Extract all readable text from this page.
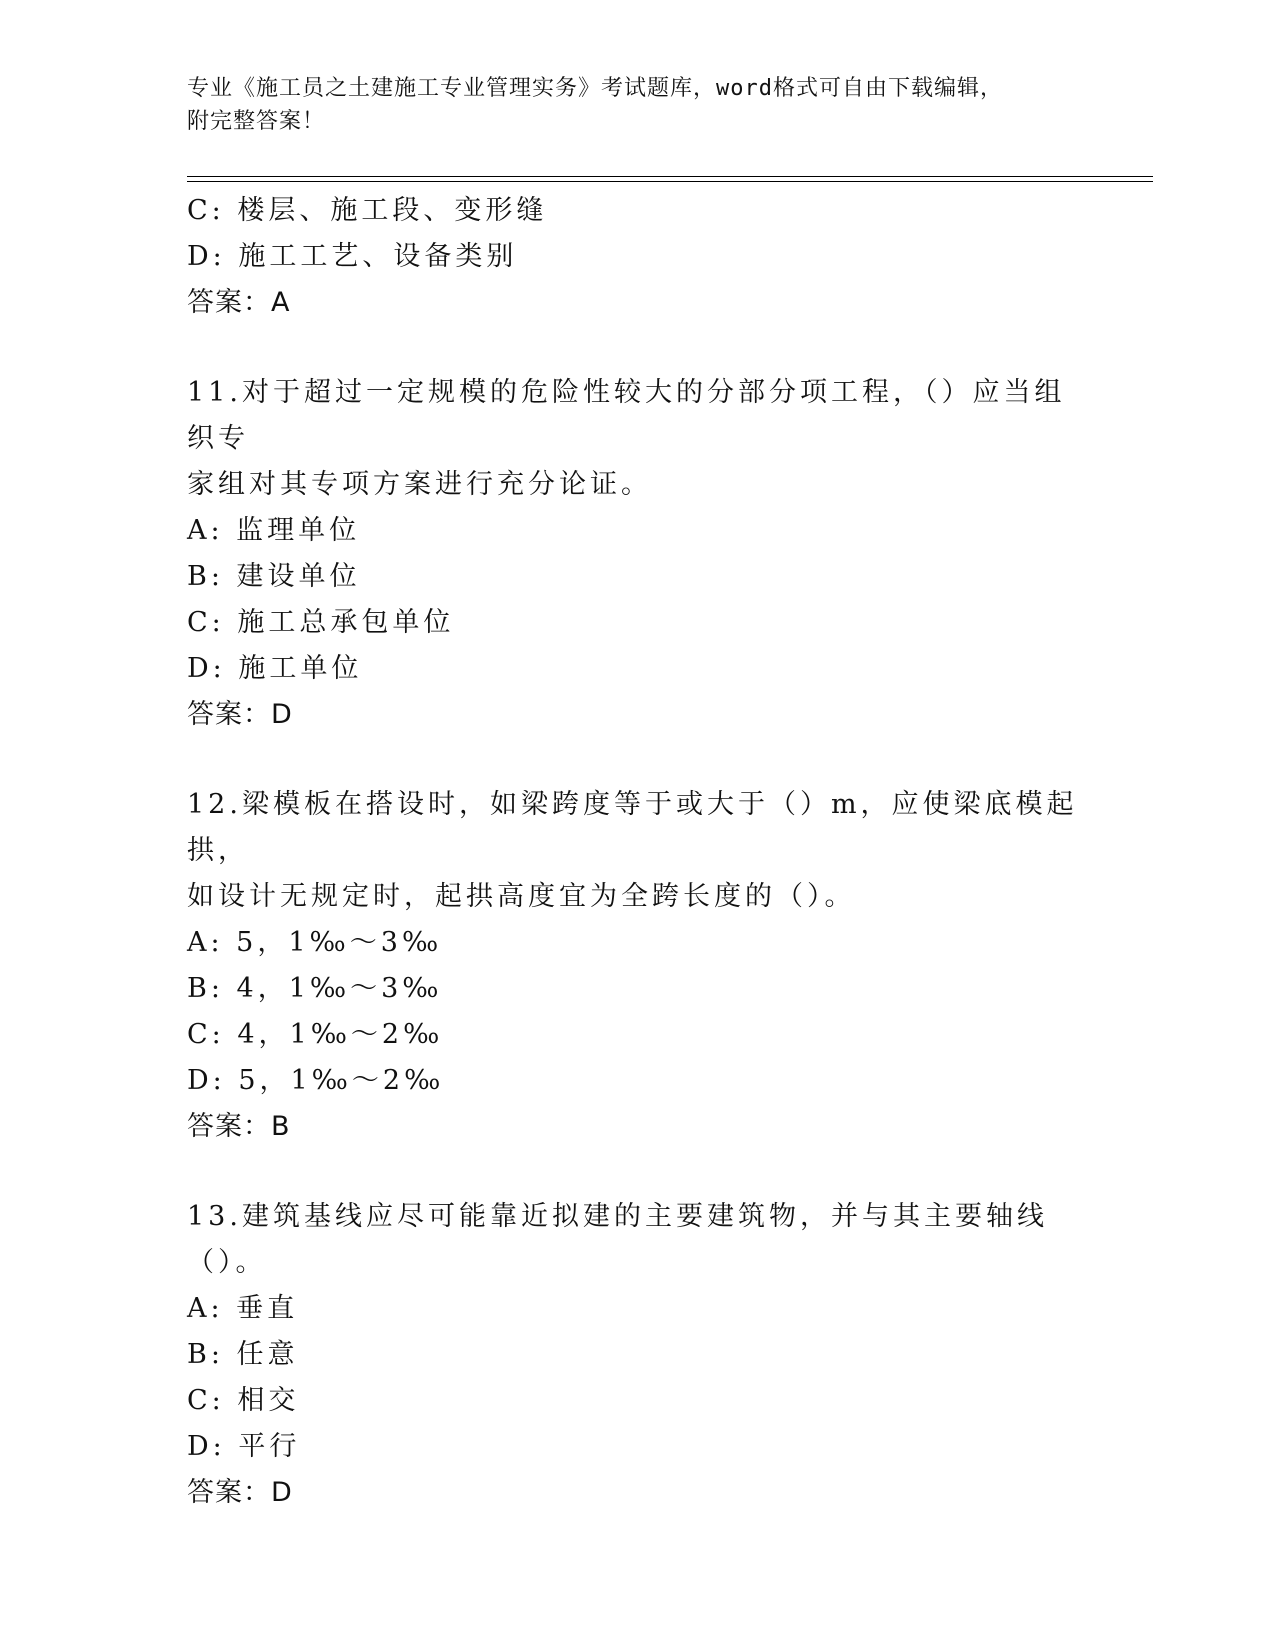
专业《施工员之土建施工专业管理实务》考试题库，word格式可自由下载编辑，
附完整答案！
C: 楼层、施工段、变形缝
D: 施工工艺、设备类别
答案：A
11.对于超过一定规模的危险性较大的分部分项工程，（）应当组织专
家组对其专项方案进行充分论证。
A: 监理单位
B: 建设单位
C: 施工总承包单位
D: 施工单位
答案：D
12.梁模板在搭设时，如梁跨度等于或大于（）m，应使梁底模起拱，
如设计无规定时，起拱高度宜为全跨长度的（）。
A: 5，1‰～3‰
B: 4，1‰～3‰
C: 4，1‰～2‰
D: 5，1‰～2‰
答案：B
13.建筑基线应尽可能靠近拟建的主要建筑物，并与其主要轴线（）。
A: 垂直
B: 任意
C: 相交
D: 平行
答案：D
